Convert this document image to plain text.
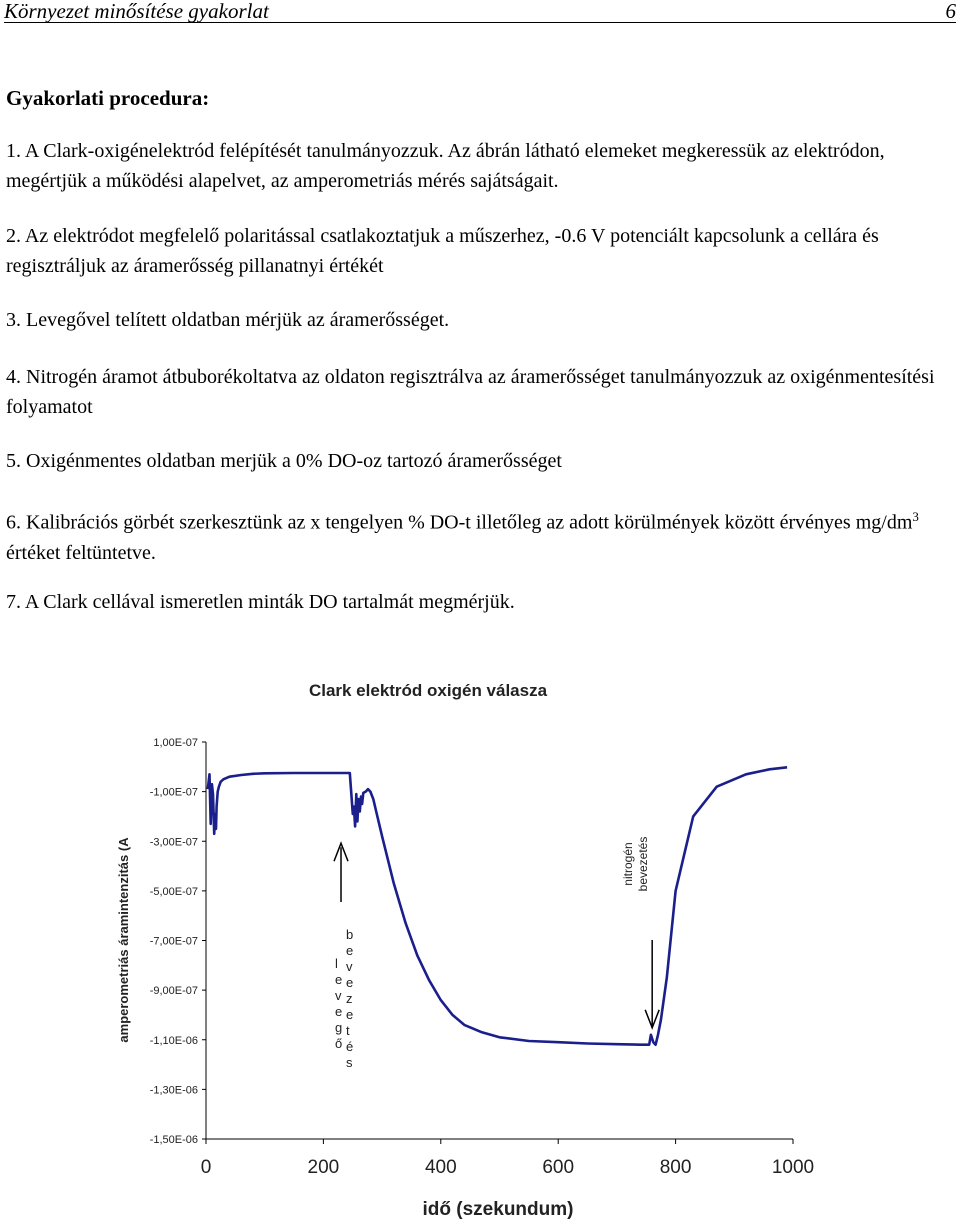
Környezet minősítése gyakorlat	6
Gyakorlati procedura:

1. A Clark-oxigénelektród felépítését tanulmányozzuk. Az ábrán látható elemeket megkeressük az elektródon, megértjük a működési alapelvet, az amperometriás mérés sajátságait.

2. Az elektródot megfelelő polaritással csatlakoztatjuk a műszerhez, -0.6 V potenciált kapcsolunk a cellára és regisztráljuk az áramerősség pillanatnyi értékét

3. Levegővel telített oldatban mérjük az áramerősséget.

4. Nitrogén áramot átbuborékoltatva az oldaton regisztrálva az áramerősséget tanulmányozzuk az oxigénmentesítési folyamatot

5. Oxigénmentes oldatban merjük a 0% DO-oz tartozó áramerősséget

6. Kalibrációs görbét szerkesztünk az x tengelyen % DO-t illetőleg az adott körülmények között érvényes $mg/dm^3$ értéket feltüntetve.

7. A Clark cellával ismeretlen minták DO tartalmát megmérjük.

Clark elektród oxigén válasza
1,00E-07
-1,00E-07
-3,00E-07
-5,00E-07
-7,00E-07
-9,00E-07
-1,10E-06
-1,30E-06
-1,50E-06
0	200	400	600	800	1000
idő (szekundum)
amperometriás áramintenzitás (A	l e v e g ő
b e v e z e t é s
nitrogén bevezetés
